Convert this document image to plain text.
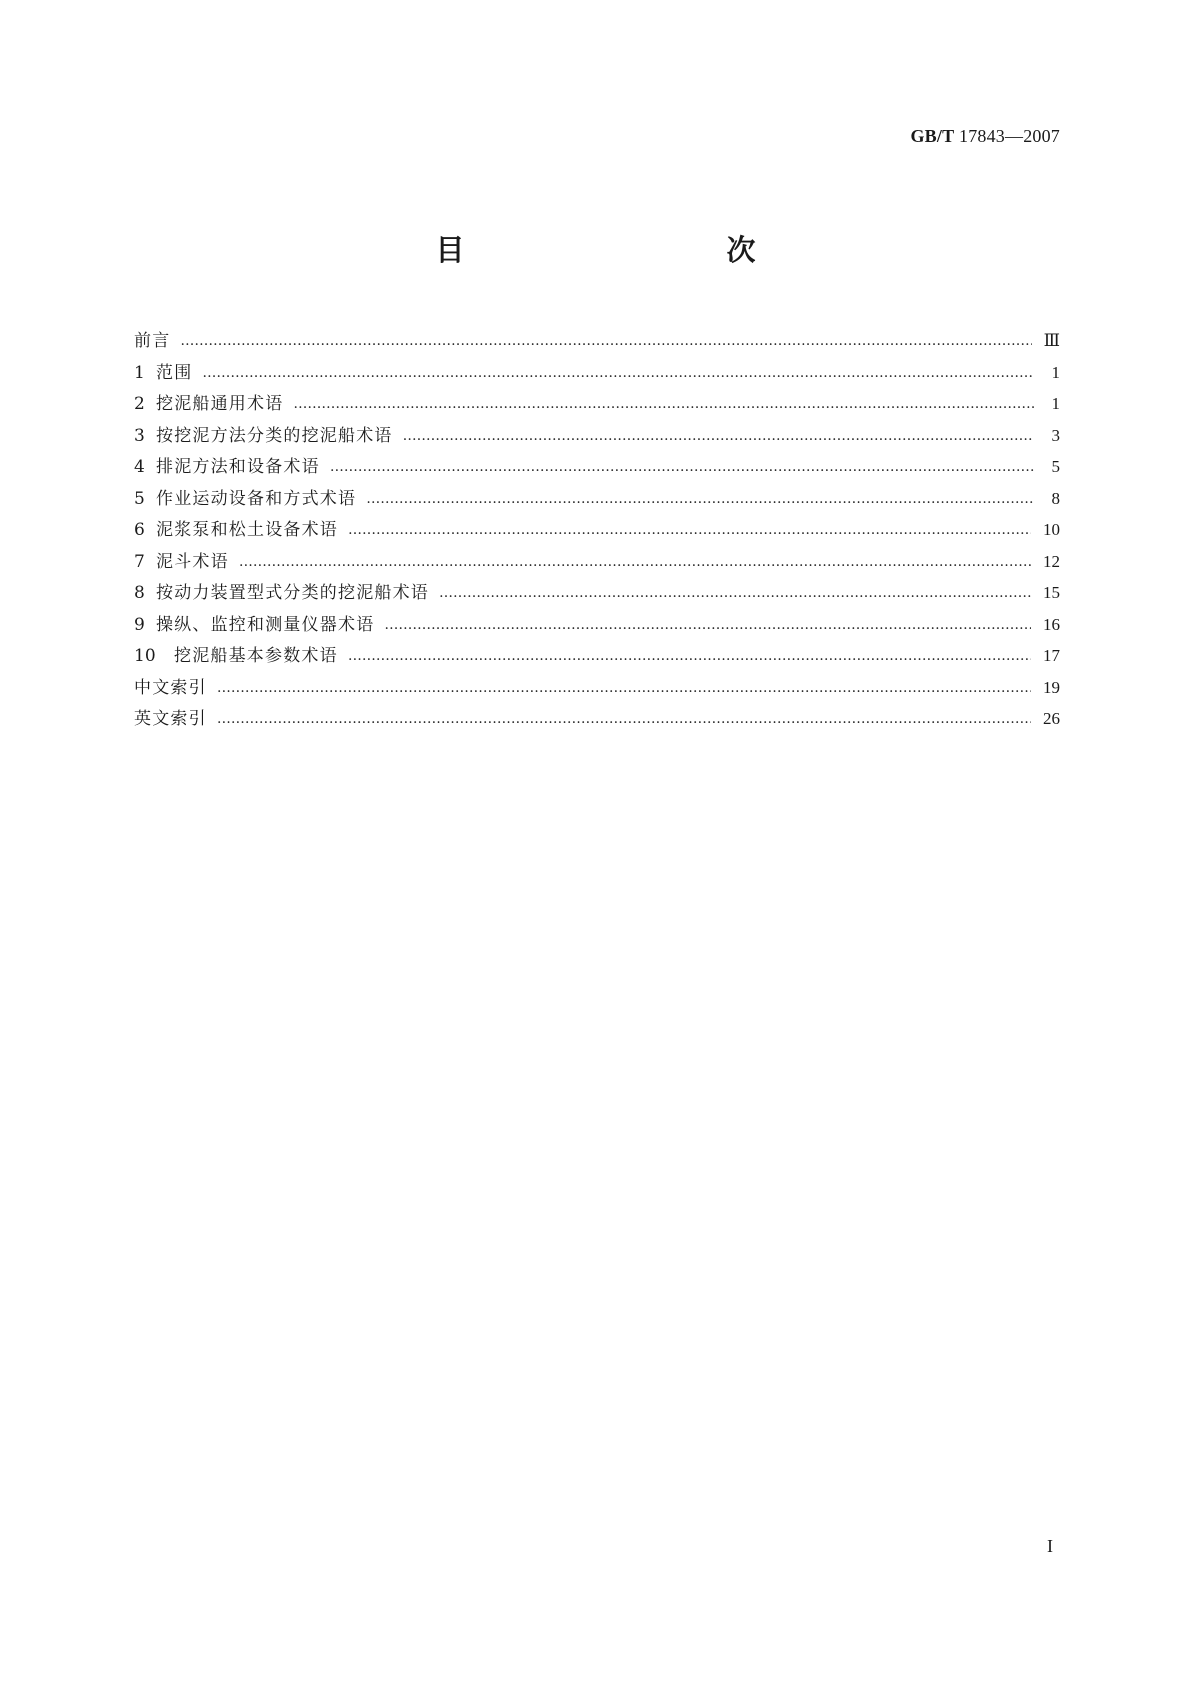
GB/T 17843—2007
目　　次
前言 ………………………………………………………………………………………………………………………………………………………………………………………………………………	Ⅲ
1 范围 ………………………………………………………………………………………………………………………………………………………………………………………………………………	1
2 挖泥船通用术语 ………………………………………………………………………………………………………………………………………………………………………………………………………………	1
3 按挖泥方法分类的挖泥船术语 ………………………………………………………………………………………………………………………………………………………………………………………………………………	3
4 排泥方法和设备术语 ………………………………………………………………………………………………………………………………………………………………………………………………………………	5
5 作业运动设备和方式术语 ………………………………………………………………………………………………………………………………………………………………………………………………………………	8
6 泥浆泵和松土设备术语 ………………………………………………………………………………………………………………………………………………………………………………………………………………	10
7 泥斗术语 ………………………………………………………………………………………………………………………………………………………………………………………………………………	12
8 按动力装置型式分类的挖泥船术语 ………………………………………………………………………………………………………………………………………………………………………………………………………………	15
9 操纵、监控和测量仪器术语 ………………………………………………………………………………………………………………………………………………………………………………………………………………	16
10	挖泥船基本参数术语 ………………………………………………………………………………………………………………………………………………………………………………………………………………	17
中文索引 ………………………………………………………………………………………………………………………………………………………………………………………………………………	19
英文索引 ………………………………………………………………………………………………………………………………………………………………………………………………………………	26
I
